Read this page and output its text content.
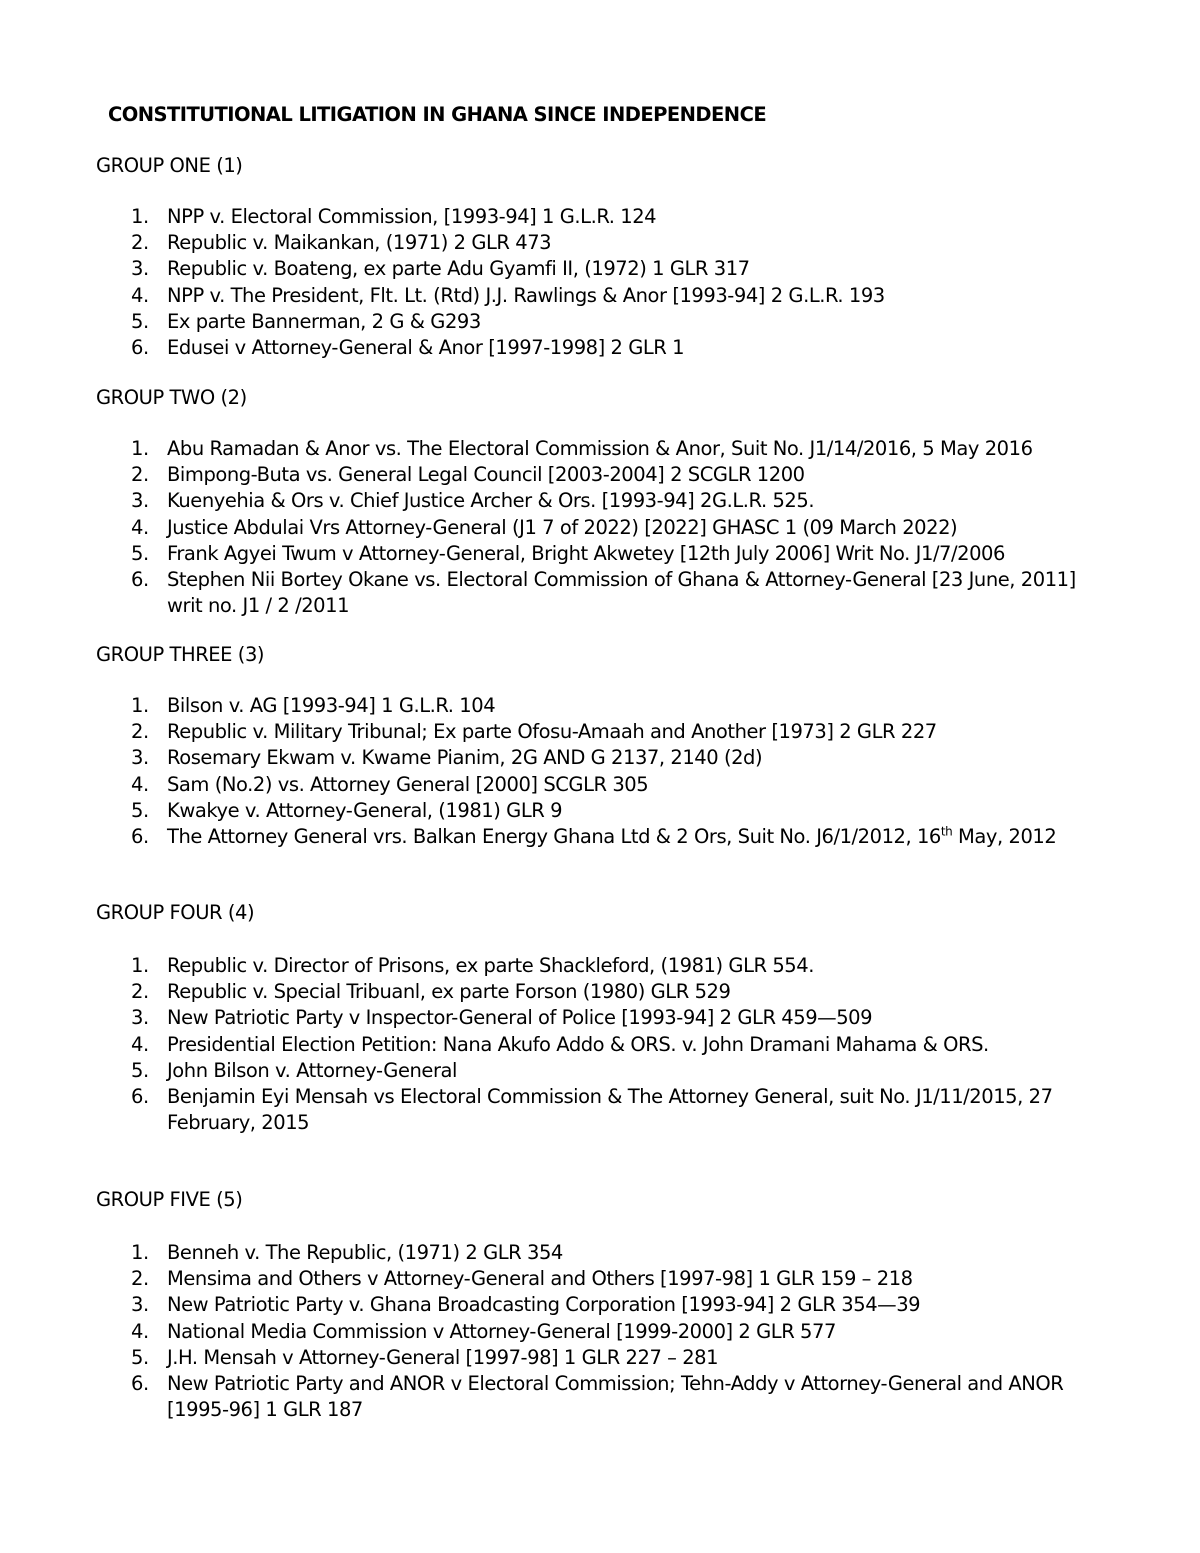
CONSTITUTIONAL LITIGATION IN GHANA SINCE INDEPENDENCE
GROUP ONE (1)
1. NPP v. Electoral Commission, [1993-94] 1 G.L.R. 124
2. Republic v. Maikankan, (1971) 2 GLR 473
3. Republic v. Boateng, ex parte Adu Gyamfi II, (1972) 1 GLR 317
4. NPP v. The President, Flt. Lt. (Rtd) J.J. Rawlings & Anor [1993-94] 2 G.L.R. 193
5. Ex parte Bannerman, 2 G & G293
6. Edusei v Attorney-General & Anor [1997-1998] 2 GLR 1
GROUP TWO (2)
1. Abu Ramadan & Anor vs. The Electoral Commission & Anor, Suit No. J1/14/2016, 5 May 2016
2. Bimpong-Buta vs. General Legal Council [2003-2004] 2 SCGLR 1200
3. Kuenyehia & Ors v. Chief Justice Archer & Ors. [1993-94] 2G.L.R. 525.
4. Justice Abdulai Vrs Attorney-General (J1 7 of 2022) [2022] GHASC 1 (09 March 2022)
5. Frank Agyei Twum v Attorney-General, Bright Akwetey [12th July 2006] Writ No. J1/7/2006
6. Stephen Nii Bortey Okane vs. Electoral Commission of Ghana & Attorney-General [23 June, 2011] writ no. J1 / 2 /2011
GROUP THREE (3)
1. Bilson v. AG [1993-94] 1 G.L.R. 104
2. Republic v. Military Tribunal; Ex parte Ofosu-Amaah and Another [1973] 2 GLR 227
3. Rosemary Ekwam v. Kwame Pianim, 2G AND G 2137, 2140 (2d)
4. Sam (No.2) vs. Attorney General [2000] SCGLR 305
5. Kwakye v. Attorney-General, (1981) GLR 9
6. The Attorney General vrs. Balkan Energy Ghana Ltd & 2 Ors, Suit No. J6/1/2012, 16th May, 2012
GROUP FOUR (4)
1. Republic v. Director of Prisons, ex parte Shackleford, (1981) GLR 554.
2. Republic v. Special Tribuanl, ex parte Forson (1980) GLR 529
3. New Patriotic Party v Inspector-General of Police [1993-94] 2 GLR 459—509
4. Presidential Election Petition: Nana Akufo Addo & ORS. v. John Dramani Mahama & ORS.
5. John Bilson v. Attorney-General
6. Benjamin Eyi Mensah vs Electoral Commission & The Attorney General, suit No. J1/11/2015, 27 February, 2015
GROUP FIVE (5)
1. Benneh v. The Republic, (1971) 2 GLR 354
2. Mensima and Others v Attorney-General and Others [1997-98] 1 GLR 159 – 218
3. New Patriotic Party v. Ghana Broadcasting Corporation [1993-94] 2 GLR 354—39
4. National Media Commission v Attorney-General [1999-2000] 2 GLR 577
5. J.H. Mensah v Attorney-General [1997-98] 1 GLR 227 – 281
6. New Patriotic Party and ANOR v Electoral Commission; Tehn-Addy v Attorney-General and ANOR [1995-96] 1 GLR 187
